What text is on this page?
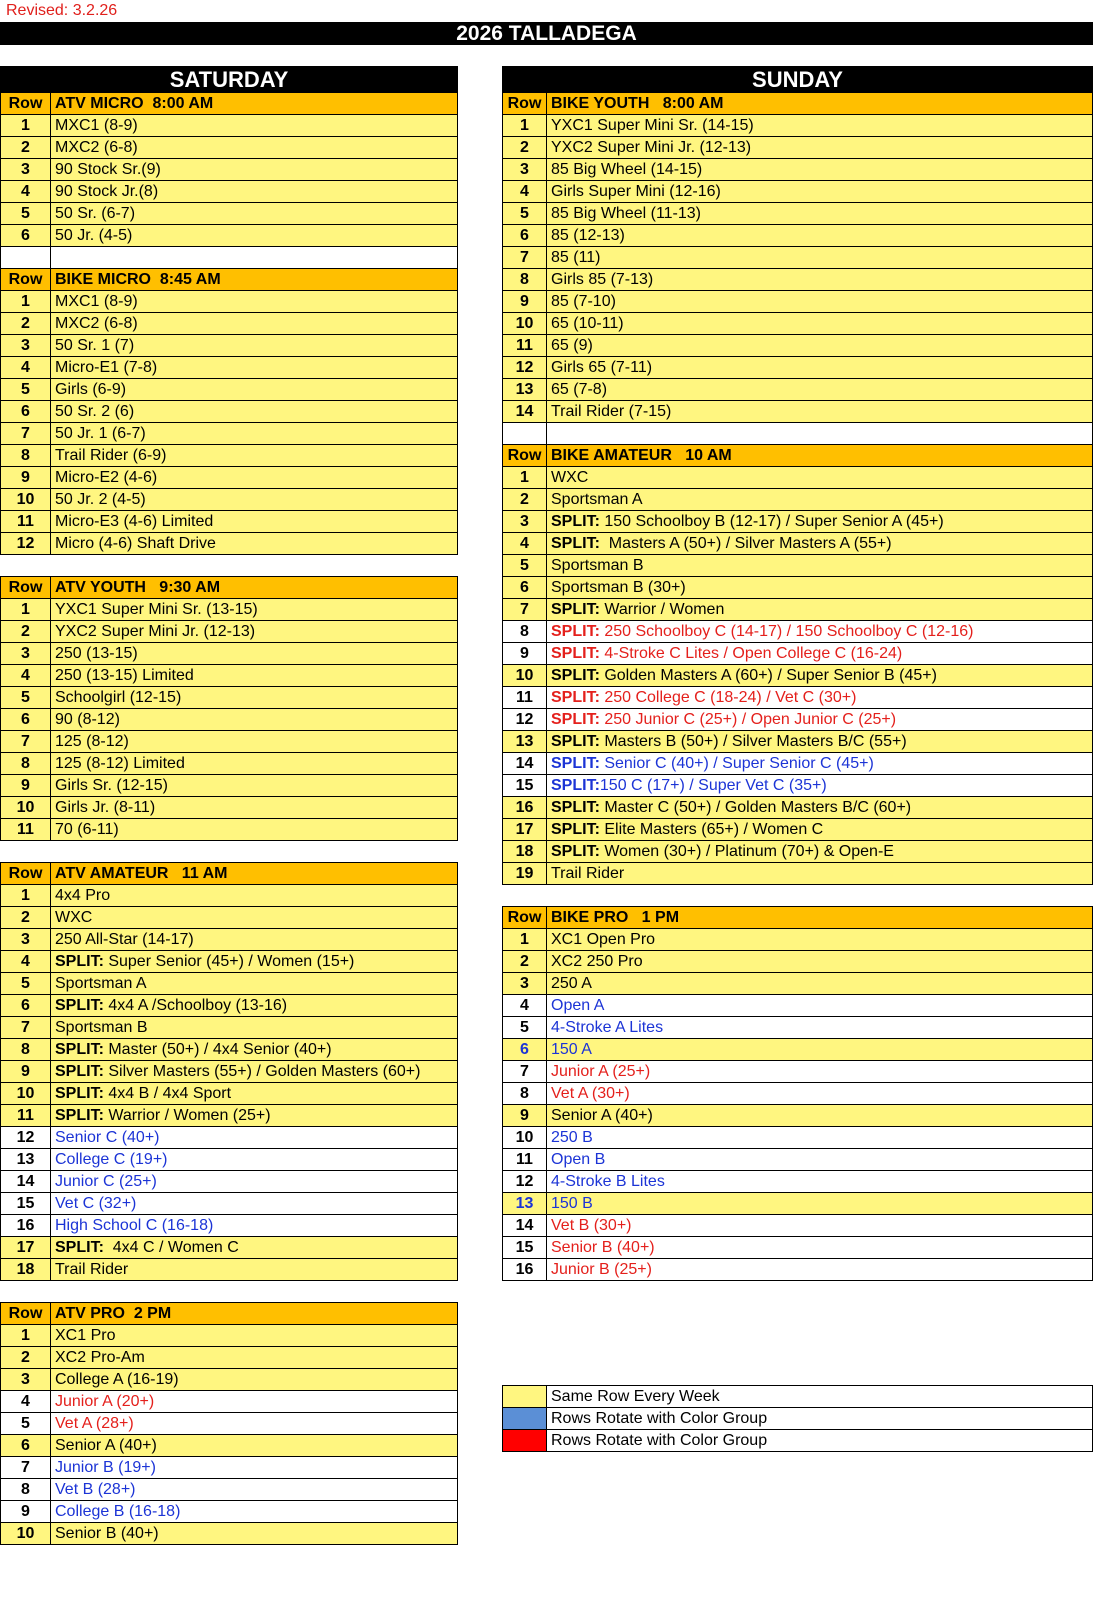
Revised: 3.2.26
2026 TALLADEGA
SATURDAY
Row	ATV MICRO  8:00 AM
1	MXC1 (8-9)
2	MXC2 (6-8)
3	90 Stock Sr.(9)
4	90 Stock Jr.(8)
5	50 Sr. (6-7)
6	50 Jr. (4-5)

Row	BIKE MICRO  8:45 AM
1	MXC1 (8-9)
2	MXC2 (6-8)
3	50 Sr. 1 (7)
4	Micro-E1 (7-8)
5	Girls (6-9)
6	50 Sr. 2 (6)
7	50 Jr. 1 (6-7)
8	Trail Rider (6-9)
9	Micro-E2 (4-6)
10	50 Jr. 2 (4-5)
11	Micro-E3 (4-6) Limited
12	Micro (4-6) Shaft Drive

Row	ATV YOUTH   9:30 AM
1	YXC1 Super Mini Sr. (13-15)
2	YXC2 Super Mini Jr. (12-13)
3	250 (13-15)
4	250 (13-15) Limited
5	Schoolgirl (12-15)
6	90 (8-12)
7	125 (8-12)
8	125 (8-12) Limited
9	Girls Sr. (12-15)
10	Girls Jr. (8-11)
11	70 (6-11)

Row	ATV AMATEUR   11 AM
1	4x4 Pro
2	WXC
3	250 All-Star (14-17)
4	SPLIT: Super Senior (45+) / Women (15+)
5	Sportsman A
6	SPLIT: 4x4 A /Schoolboy (13-16)
7	Sportsman B
8	SPLIT: Master (50+) / 4x4 Senior (40+)
9	SPLIT: Silver Masters (55+) / Golden Masters (60+)
10	SPLIT: 4x4 B / 4x4 Sport
11	SPLIT: Warrior / Women (25+)
12	Senior C (40+)
13	College C (19+)
14	Junior C (25+)
15	Vet C (32+)
16	High School C (16-18)
17	SPLIT:  4x4 C / Women C
18	Trail Rider

Row	ATV PRO  2 PM
1	XC1 Pro
2	XC2 Pro-Am
3	College A (16-19)
4	Junior A (20+)
5	Vet A (28+)
6	Senior A (40+)
7	Junior B (19+)
8	Vet B (28+)
9	College B (16-18)
10	Senior B (40+)
SUNDAY
Row	BIKE YOUTH   8:00 AM
1	YXC1 Super Mini Sr. (14-15)
2	YXC2 Super Mini Jr. (12-13)
3	85 Big Wheel (14-15)
4	Girls Super Mini (12-16)
5	85 Big Wheel (11-13)
6	85 (12-13)
7	85 (11)
8	Girls 85 (7-13)
9	85 (7-10)
10	65 (10-11)
11	65 (9)
12	Girls 65 (7-11)
13	65 (7-8)
14	Trail Rider (7-15)

Row	BIKE AMATEUR   10 AM
1	WXC
2	Sportsman A
3	SPLIT: 150 Schoolboy B (12-17) / Super Senior A (45+)
4	SPLIT:  Masters A (50+) / Silver Masters A (55+)
5	Sportsman B
6	Sportsman B (30+)
7	SPLIT: Warrior / Women
8	SPLIT: 250 Schoolboy C (14-17) / 150 Schoolboy C (12-16)
9	SPLIT: 4-Stroke C Lites / Open College C (16-24)
10	SPLIT: Golden Masters A (60+) / Super Senior B (45+)
11	SPLIT: 250 College C (18-24) / Vet C (30+)
12	SPLIT: 250 Junior C (25+) / Open Junior C (25+)
13	SPLIT: Masters B (50+) / Silver Masters B/C (55+)
14	SPLIT: Senior C (40+) / Super Senior C (45+)
15	SPLIT:150 C (17+) / Super Vet C (35+)
16	SPLIT: Master C (50+) / Golden Masters B/C (60+)
17	SPLIT: Elite Masters (65+) / Women C
18	SPLIT: Women (30+) / Platinum (70+) & Open-E
19	Trail Rider

Row	BIKE PRO   1 PM
1	XC1 Open Pro
2	XC2 250 Pro
3	250 A
4	Open A
5	4-Stroke A Lites
6	150 A
7	Junior A (25+)
8	Vet A (30+)
9	Senior A (40+)
10	250 B
11	Open B
12	4-Stroke B Lites
13	150 B
14	Vet B (30+)
15	Senior B (40+)
16	Junior B (25+)
	Same Row Every Week
	Rows Rotate with Color Group
	Rows Rotate with Color Group
